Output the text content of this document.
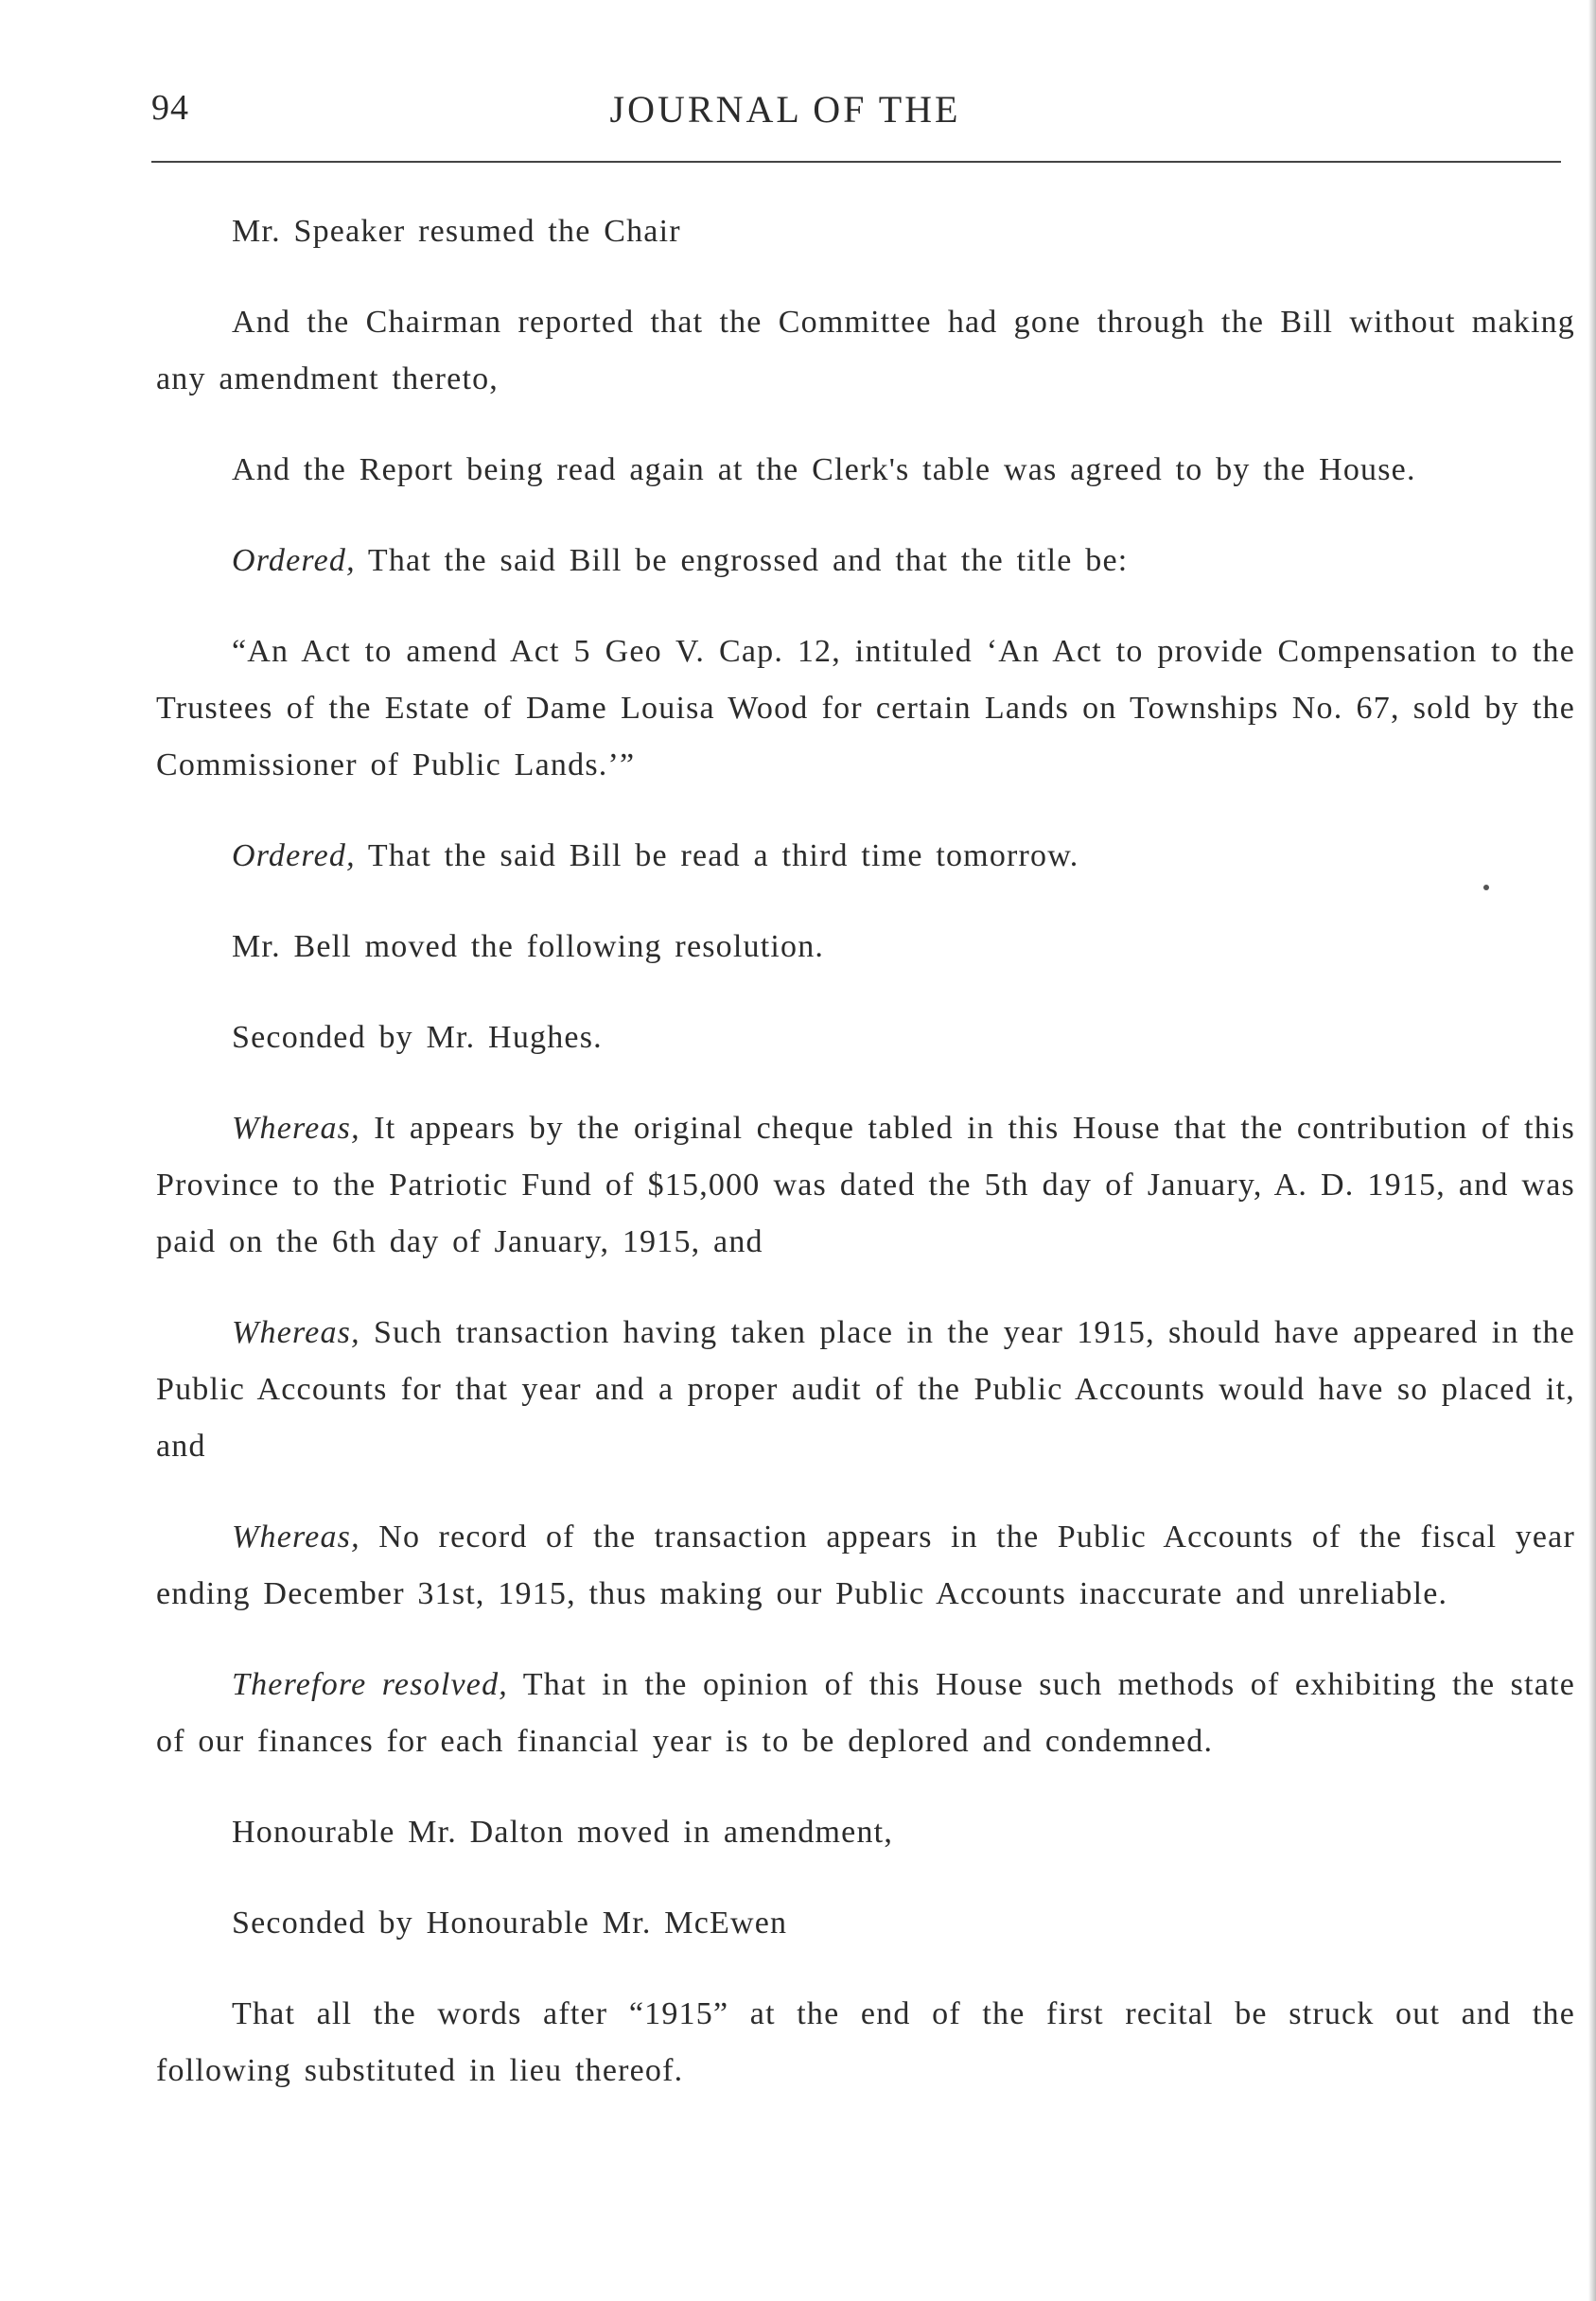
94	JOURNAL OF THE

Mr. Speaker resumed the Chair

And the Chairman reported that the Committee had gone through the Bill without making any amendment thereto,

And the Report being read again at the Clerk's table was agreed to by the House.

Ordered, That the said Bill be engrossed and that the title be:

“An Act to amend Act 5 Geo V. Cap. 12, intituled ‘An Act to provide Compensation to the Trustees of the Estate of Dame Louisa Wood for certain Lands on Townships No. 67, sold by the Commissioner of Public Lands.’”

Ordered, That the said Bill be read a third time tomorrow.

Mr. Bell moved the following resolution.

Seconded by Mr. Hughes.

Whereas, It appears by the original cheque tabled in this House that the contribution of this Province to the Patriotic Fund of $15,000 was dated the 5th day of January, A. D. 1915, and was paid on the 6th day of January, 1915, and

Whereas, Such transaction having taken place in the year 1915, should have appeared in the Public Accounts for that year and a proper audit of the Public Accounts would have so placed it, and

Whereas, No record of the transaction appears in the Public Accounts of the fiscal year ending December 31st, 1915, thus making our Public Accounts inaccurate and unreliable.

Therefore resolved, That in the opinion of this House such methods of exhibiting the state of our finances for each financial year is to be deplored and condemned.

Honourable Mr. Dalton moved in amendment,

Seconded by Honourable Mr. McEwen

That all the words after “1915” at the end of the first recital be struck out and the following substituted in lieu thereof.
